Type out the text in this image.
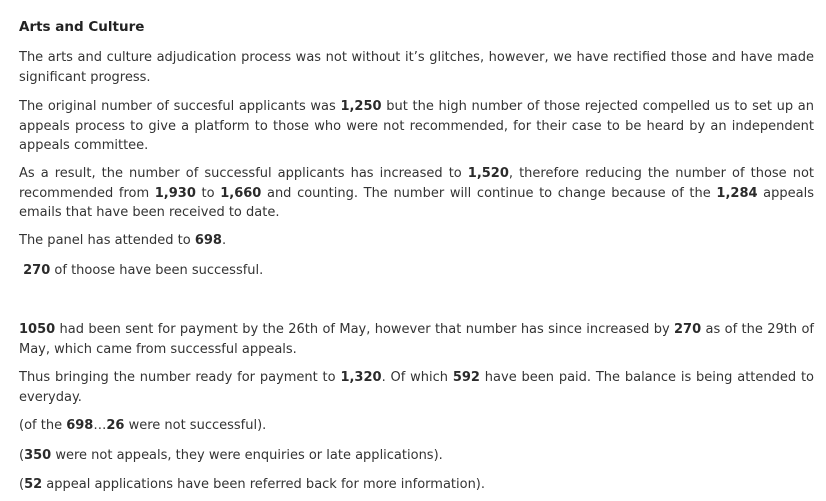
Arts and Culture

The arts and culture adjudication process was not without it’s glitches, however, we have rectified those and have made significant progress.

The original number of succesful applicants was 1,250 but the high number of those rejected compelled us to set up an appeals process to give a platform to those who were not recommended, for their case to be heard by an independent appeals committee.

As a result, the number of successful applicants has increased to 1,520, therefore reducing the number of those not recommended from 1,930 to 1,660 and counting. The number will continue to change because of the 1,284 appeals emails that have been received to date.

The panel has attended to 698.

270 of thoose have been successful.

1050 had been sent for payment by the 26th of May, however that number has since increased by 270 as of the 29th of May, which came from successful appeals.

Thus bringing the number ready for payment to 1,320. Of which 592 have been paid. The balance is being attended to everyday.

(of the 698…26 were not successful).

(350 were not appeals, they were enquiries or late applications).

(52 appeal applications have been referred back for more information).
